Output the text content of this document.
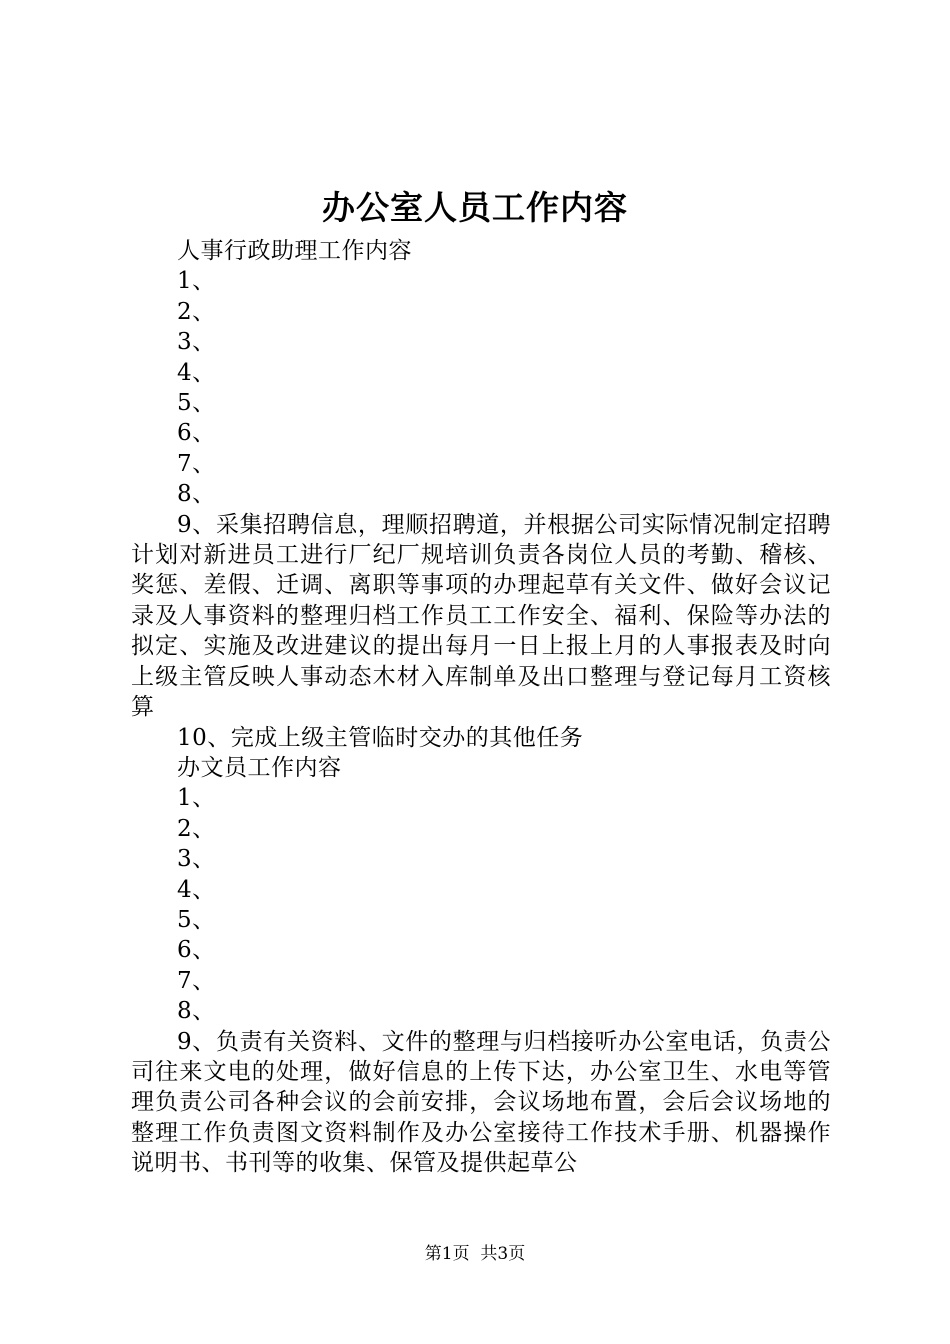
办公室人员工作内容

人事行政助理工作内容

1、

2、

3、

4、

5、

6、

7、

8、

9、采集招聘信息，理顺招聘道，并根据公司实际情况制定招聘计划对新进员工进行厂纪厂规培训负责各岗位人员的考勤、稽核、奖惩、差假、迁调、离职等事项的办理起草有关文件、做好会议记录及人事资料的整理归档工作员工工作安全、福利、保险等办法的拟定、实施及改进建议的提出每月一日上报上月的人事报表及时向上级主管反映人事动态木材入库制单及出口整理与登记每月工资核算

10、完成上级主管临时交办的其他任务

办文员工作内容

1、

2、

3、

4、

5、

6、

7、

8、

9、负责有关资料、文件的整理与归档接听办公室电话，负责公司往来文电的处理，做好信息的上传下达，办公室卫生、水电等管理负责公司各种会议的会前安排，会议场地布置，会后会议场地的整理工作负责图文资料制作及办公室接待工作技术手册、机器操作说明书、书刊等的收集、保管及提供起草公

第1页  共3页
